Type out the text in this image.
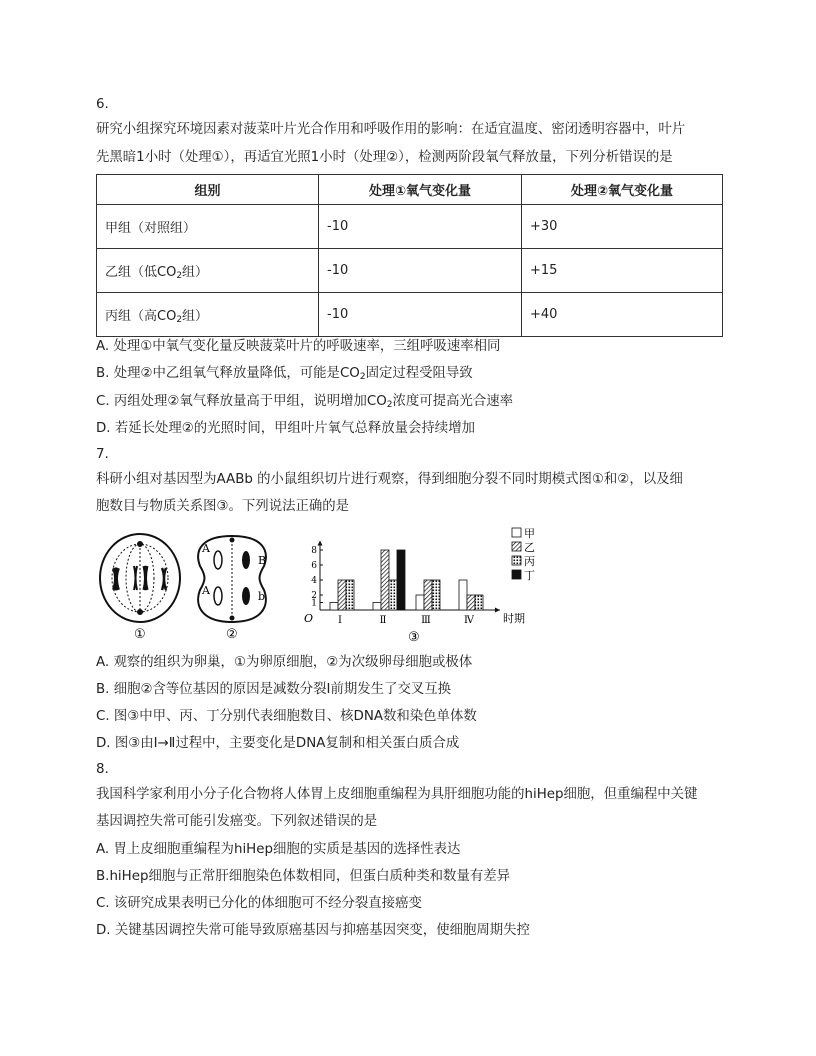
6.
研究小组探究环境因素对菠菜叶片光合作用和呼吸作用的影响：在适宜温度、密闭透明容器中，叶片
先黑暗1小时（处理①），再适宜光照1小时（处理②），检测两阶段氧气释放量，下列分析错误的是
组别	处理①氧气变化量	处理②氧气变化量
甲组（对照组）	-10	+30
乙组（低$CO_2$组）	-10	+15
丙组（高$CO_2$组）	-10	+40
A. 处理①中氧气变化量反映菠菜叶片的呼吸速率，三组呼吸速率相同
B. 处理②中乙组氧气释放量降低，可能是$CO_2$固定过程受阻导致
C. 丙组处理②氧气释放量高于甲组，说明增加$CO_2$浓度可提高光合速率
D. 若延长处理②的光照时间，甲组叶片氧气总释放量会持续增加
7.
科研小组对基因型为AABb 的小鼠组织切片进行观察，得到细胞分裂不同时期模式图①和②，以及细
胞数目与物质关系图③。下列说法正确的是
①
A
B
A	b
②
1
2
4
6
8
O	时期
Ⅰ	Ⅱ	Ⅲ	Ⅳ
甲
乙
丙
丁
③
A. 观察的组织为卵巢，①为卵原细胞，②为次级卵母细胞或极体
B. 细胞②含等位基因的原因是减数分裂Ⅰ前期发生了交叉互换
C. 图③中甲、丙、丁分别代表细胞数目、核DNA数和染色单体数
D. 图③由Ⅰ→Ⅱ过程中，主要变化是DNA复制和相关蛋白质合成
8.
我国科学家利用小分子化合物将人体胃上皮细胞重编程为具肝细胞功能的hiHep细胞，但重编程中关键
基因调控失常可能引发癌变。下列叙述错误的是
A. 胃上皮细胞重编程为hiHep细胞的实质是基因的选择性表达
B.hiHep细胞与正常肝细胞染色体数相同，但蛋白质种类和数量有差异
C. 该研究成果表明已分化的体细胞可不经分裂直接癌变
D. 关键基因调控失常可能导致原癌基因与抑癌基因突变，使细胞周期失控
